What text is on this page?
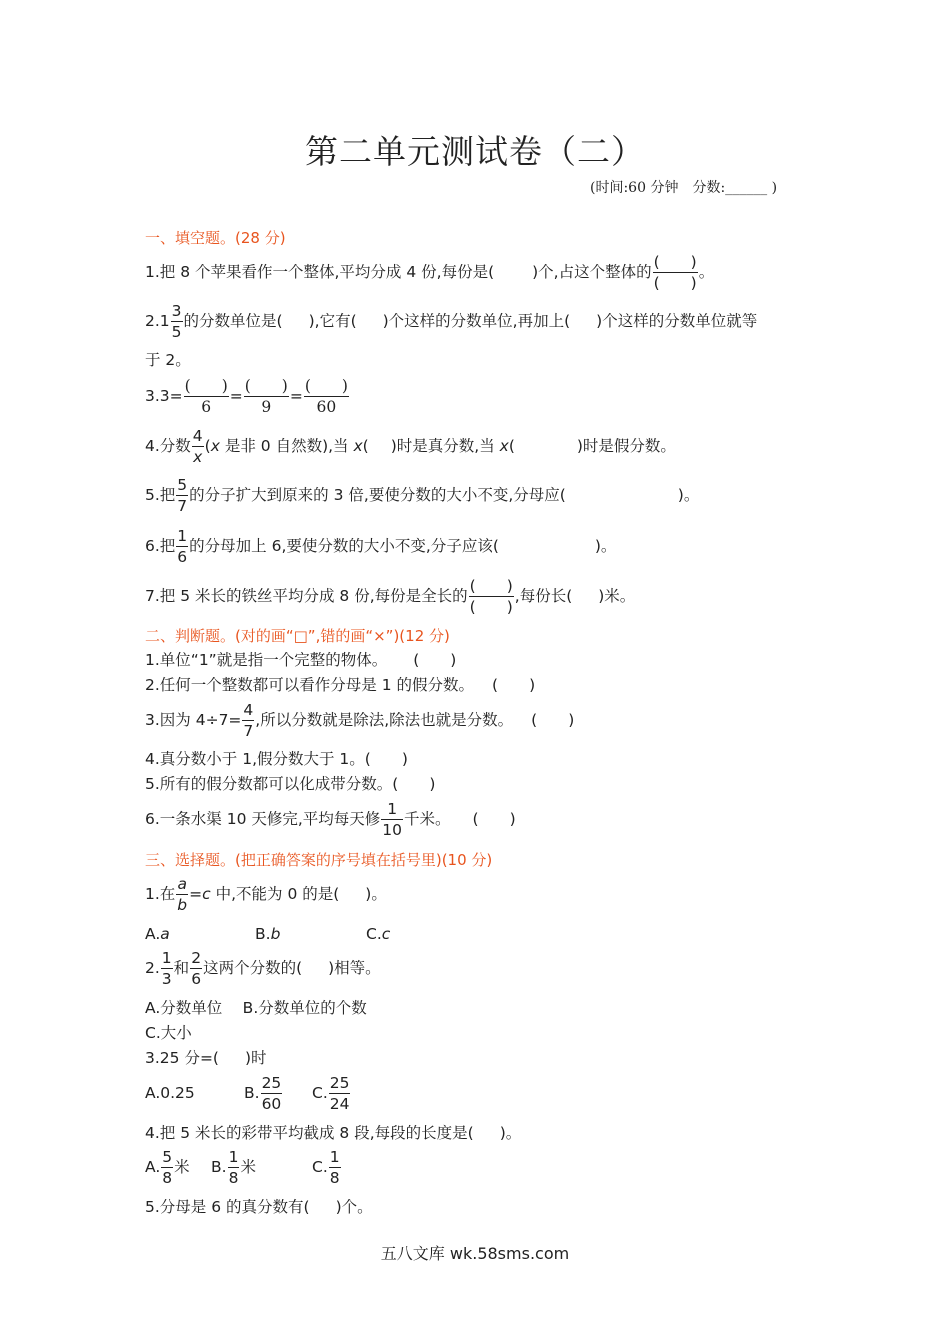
第二单元测试卷（二）
(时间:60 分钟　分数:______ )
一、填空题。(28 分)
1.把 8 个苹果看作一个整体,平均分成 4 份,每份是( )个,占这个整体的 $\frac{( )}{( )}$ 。
$2.1 \frac{3}{5}$ 的分数单位是( ),它有( )个这样的分数单位,再加上( )个这样的分数单位就等
于 2。
$3.3= \frac{( )}{6} = \frac{( )}{9} = \frac{( )}{60}$
4.分数 $\frac{4}{x} (x$ 是非 0 自然数),当 x( )时是真分数,当 x(	)时是假分数。
5.把 $\frac{5}{7}$ 的分子扩大到原来的 3 倍,要使分数的大小不变,分母应(	)。
6.把 $\frac{1}{6}$ 的分母加上 6,要使分数的大小不变,分子应该(	)。
7.把 5 米长的铁丝平均分成 8 份,每份是全长的 $\frac{( )}{( )}$ ,每份长( )米。
二、判断题。(对的画“□”,错的画“×”)(12 分)
1.单位“1”就是指一个完整的物体。 (　　)
2.任何一个整数都可以看作分母是 1 的假分数。 (　　)
3.因为 $4\div 7= \frac{4}{7}$ ,所以分数就是除法,除法也就是分数。 (　　)
4.真分数小于 1,假分数大于 1。(　　)
5.所有的假分数都可以化成带分数。(　　)
6.一条水渠 10 天修完,平均每天修 $\frac{1}{10}$ 千米。 (　　)
三、选择题。(把正确答案的序号填在括号里)(10 分)
1.在 $\frac{a}{b} =c$ 中,不能为 0 的是( )。
A.a	B.b	C.c
2. $\frac{1}{3}$ 和 $\frac{2}{6}$ 这两个分数的( )相等。
A.分数单位　 B.分数单位的个数
C.大小
3.25 分=( )时
A.0.25	B. $\frac{25}{60} C$. $\frac{25}{24}$
4.把 5 米长的彩带平均截成 8 段,每段的长度是( )。
A. $\frac{5}{8}$ 米 B. $\frac{1}{8}$ 米	C. $\frac{1}{8}$
5.分母是 6 的真分数有( )个。
五八文库 wk.58sms.com
